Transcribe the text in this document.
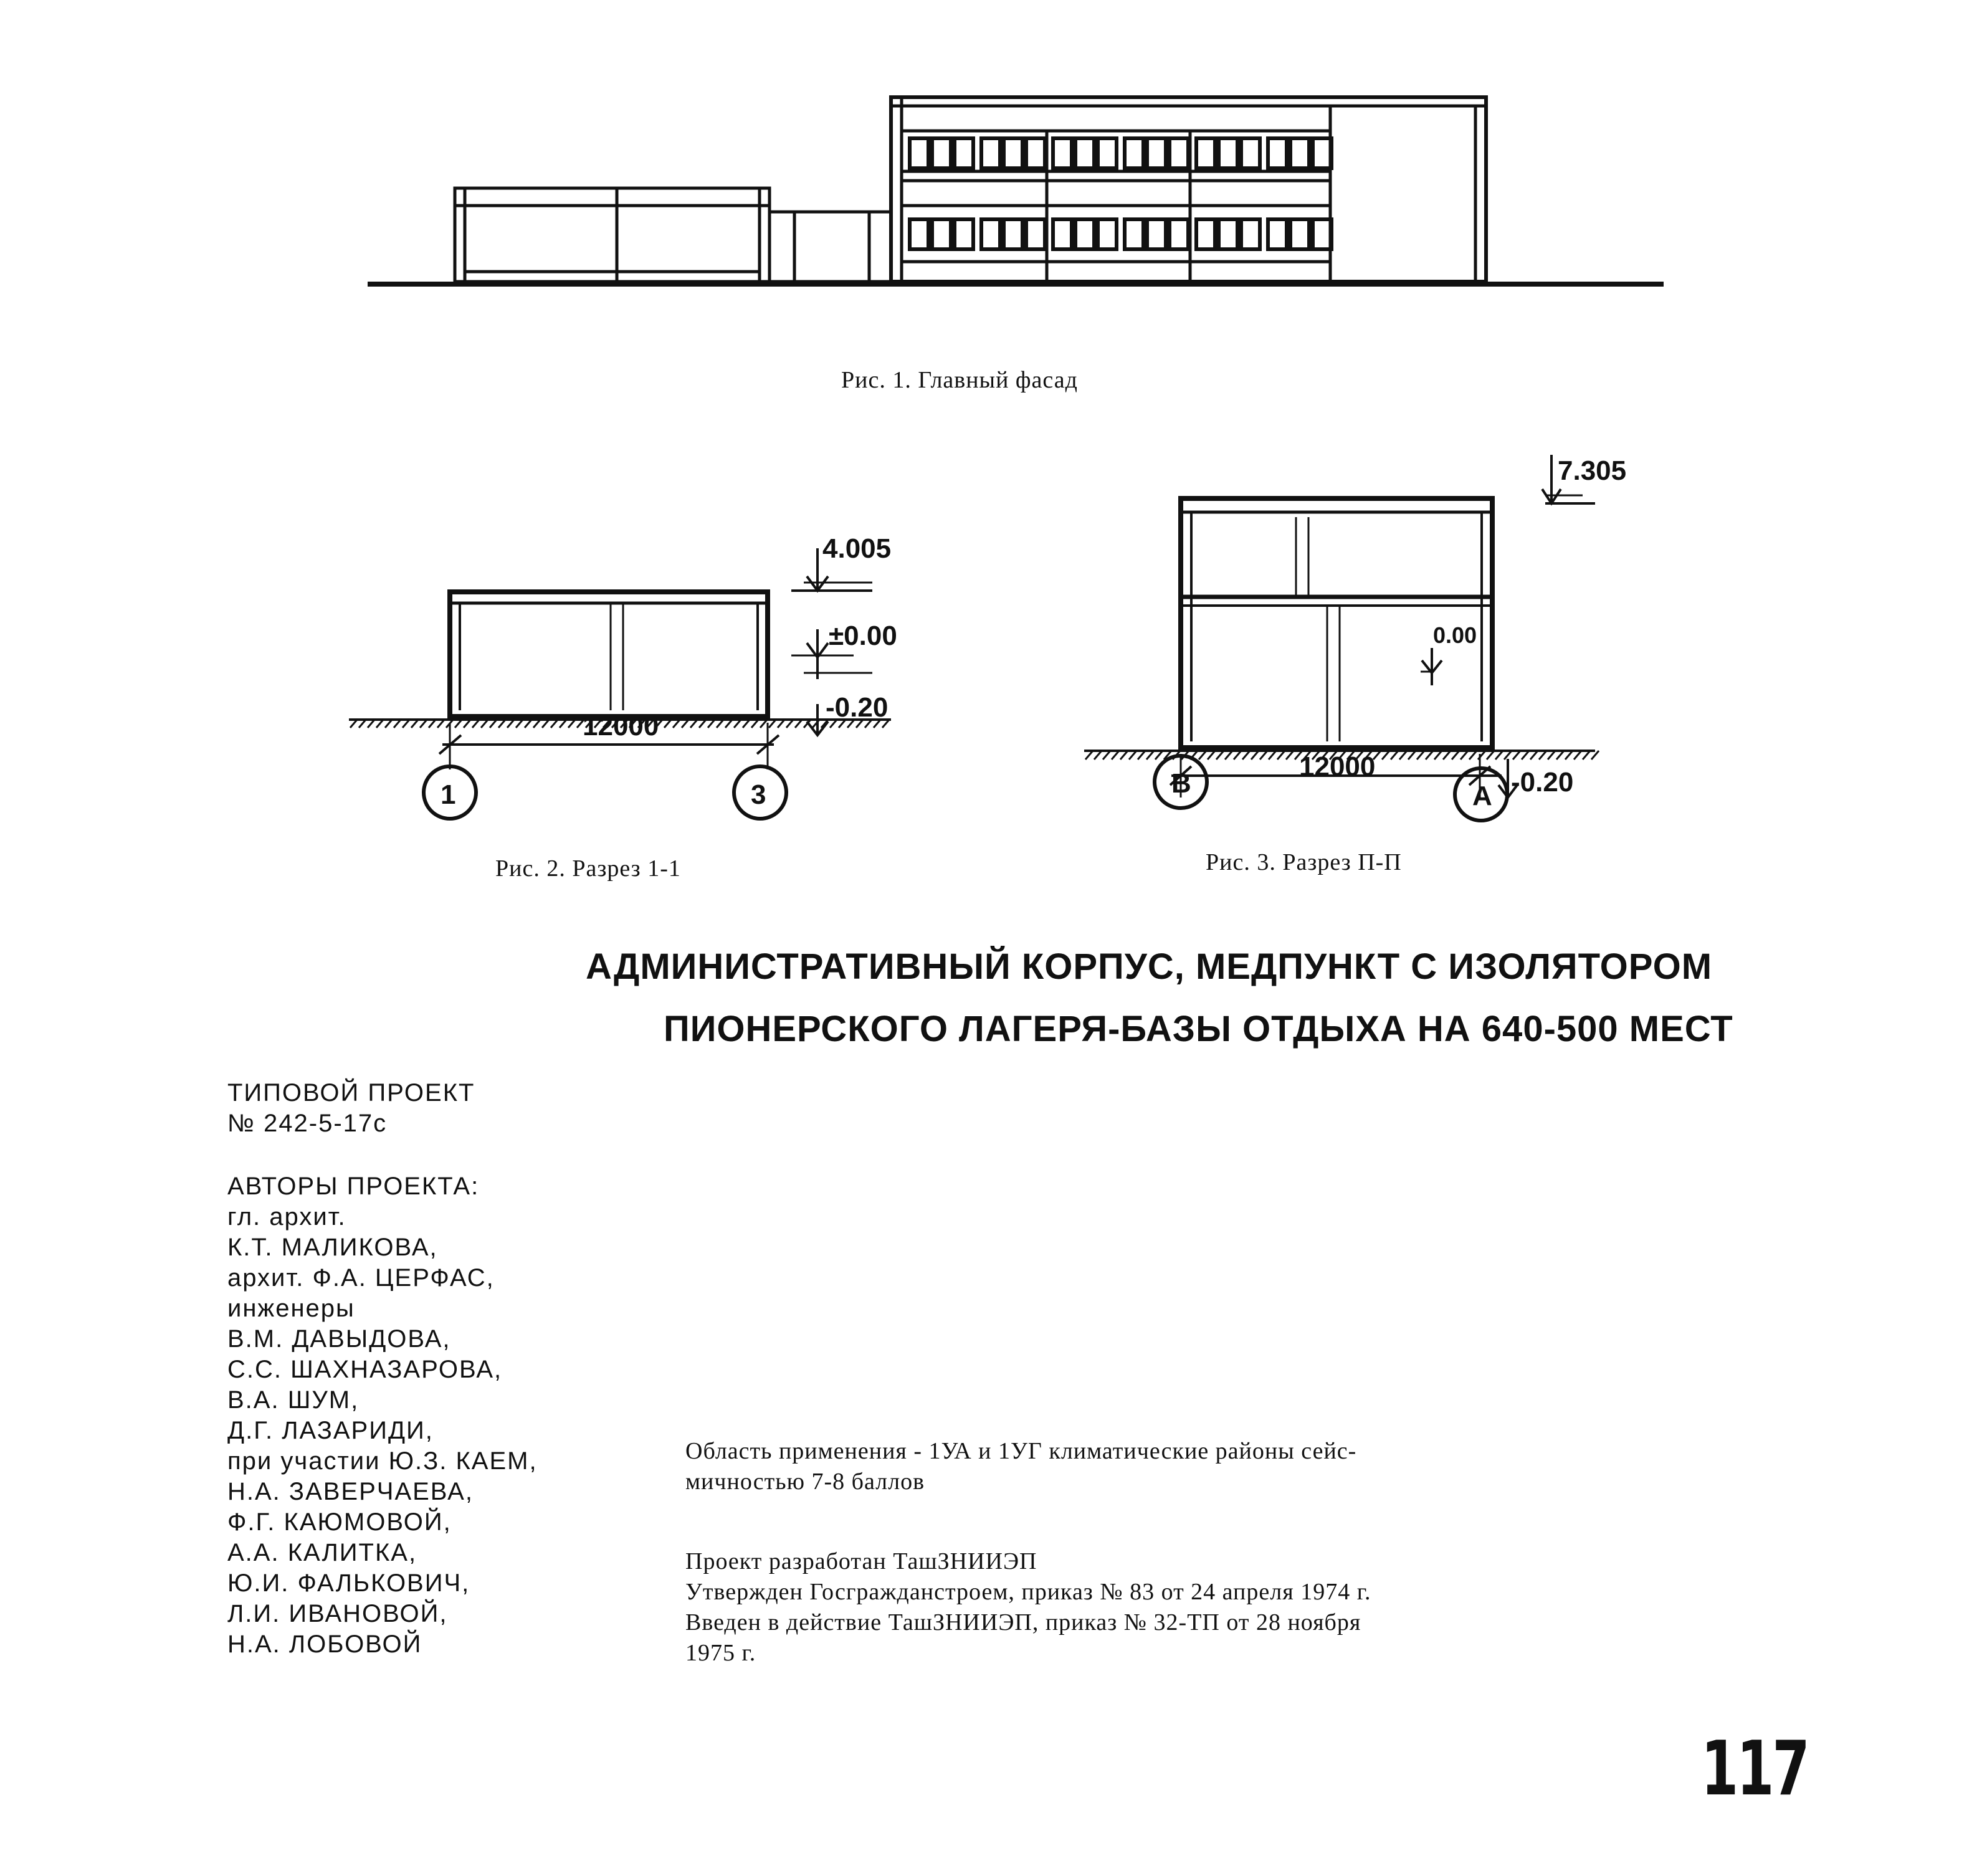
Рис. 1. Главный фасад
4.005
±0.00
-0.20
12000
1	3
Рис. 2. Разрез 1-1
7.305
0.00
-0.20
12000
В	А
Рис. 3. Разрез П-П
АДМИНИСТРАТИВНЫЙ КОРПУС, МЕДПУНКТ С ИЗОЛЯТОРОМ
ПИОНЕРСКОГО ЛАГЕРЯ-БАЗЫ ОТДЫХА НА 640-500 МЕСТ
ТИПОВОЙ ПРОЕКТ
№ 242-5-17с
АВТОРЫ ПРОЕКТА:
гл. архит.
К.Т. МАЛИКОВА,
архит. Ф.А. ЦЕРФАС,
инженеры
В.М. ДАВЫДОВА,
С.С. ШАХНАЗАРОВА,
В.А. ШУМ,
Д.Г. ЛАЗАРИДИ,
при участии Ю.З. КАЕМ,
Н.А. ЗАВЕРЧАЕВА,
Ф.Г. КАЮМОВОЙ,
А.А. КАЛИТКА,
Ю.И. ФАЛЬКОВИЧ,
Л.И. ИВАНОВОЙ,
Н.А. ЛОБОВОЙ
Область применения - 1УА и 1УГ климатические районы сейс-
мичностью 7-8 баллов
Проект разработан ТашЗНИИЭП
Утвержден Госгражданстроем, приказ № 83 от 24 апреля 1974 г.
Введен в действие ТашЗНИИЭП, приказ № 32-ТП от 28 ноября
1975 г.
117
